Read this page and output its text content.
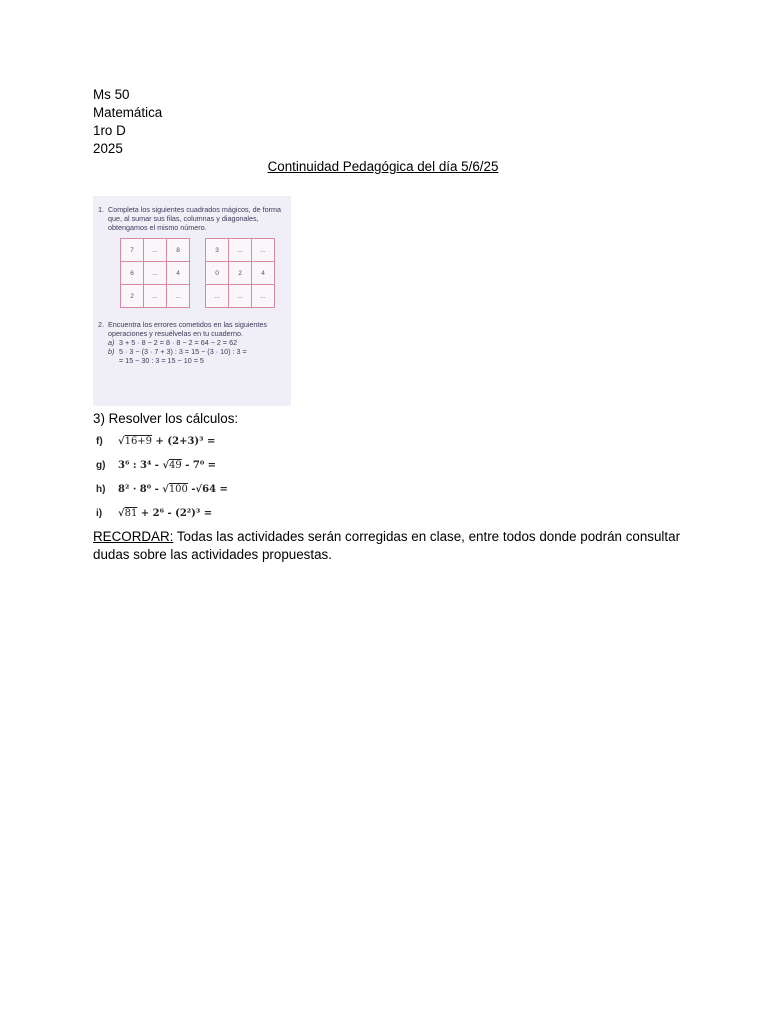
Ms 50
Matemática
1ro D
2025
Continuidad Pedagógica del día 5/6/25
1. Completa los siguientes cuadrados mágicos, de forma que, al sumar sus filas, columnas y diagonales, obtengamos el mismo número.

7	...	8
6	...	4
2	...	...
3	...	...
0	2	4
...	...	...
2. Encuentra los errores cometidos en las siguientes operaciones y resuélvelas en tu cuaderno.

a) 3 + 5 · 8 − 2 = 8 · 8 − 2 = 64 − 2 = 62

b) 5 · 3 − (3 · 7 + 3) : 3 = 15 − (3 · 10) : 3 =

= 15 − 30 : 3 = 15 − 10 = 5

3) Resolver los cálculos:
f)	√16+9 + (2+3)³ =
g)	3⁶ : 3⁴ - √49 - 7⁰ =
h)	8² · 8⁰ - √100 -√64 =
i)	√81 + 2⁶ - (2²)³ =
RECORDAR: Todas las actividades serán corregidas en clase, entre todos donde podrán consultar dudas sobre las actividades propuestas.
